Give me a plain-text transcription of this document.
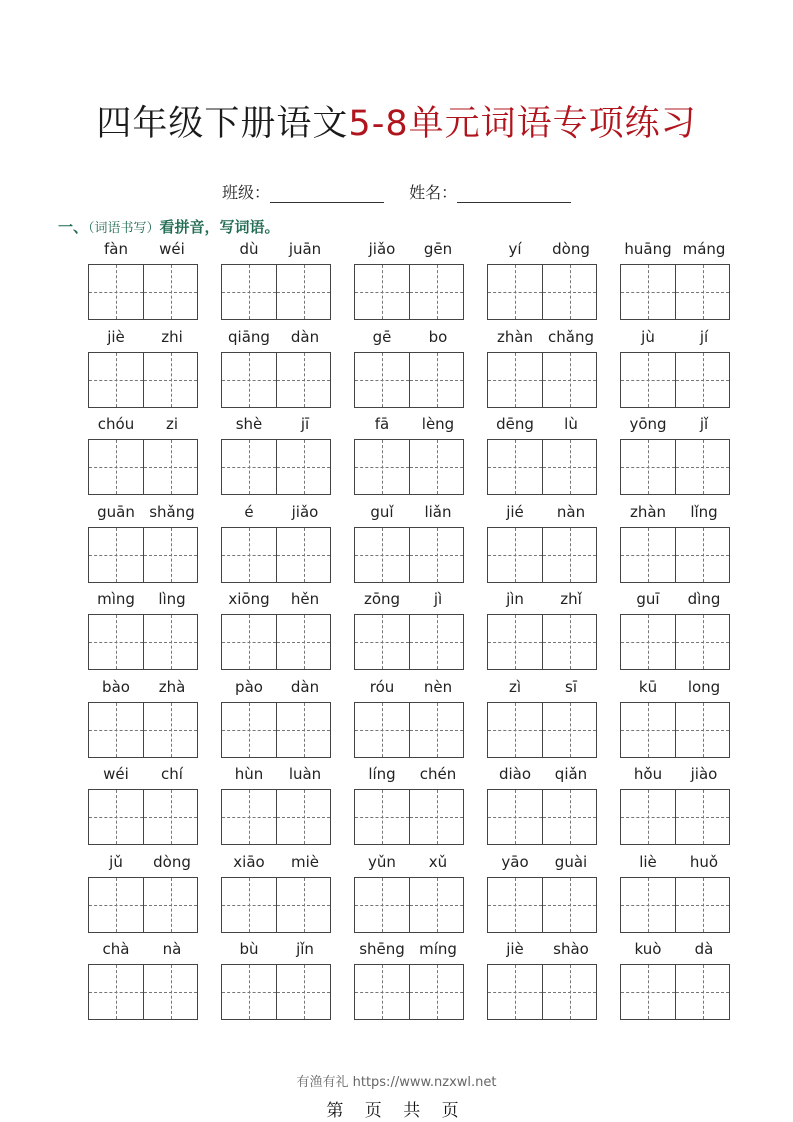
四年级下册语文5-8单元词语专项练习
班级：	姓名：
一、（词语书写）看拼音，写词语。
fàn	wéi	dù	juān	jiǎo	gēn	yí	dòng	huāng máng
jiè	zhi	qiāng	dàn	gē	bo	zhàn chǎng	jù	jí
chóu	zi	shè	jī	fā	lèng	dēng	lù	yōng	jǐ
guān shǎng	é	jiǎo	guǐ	liǎn	jié	nàn	zhàn	lǐng
mìng	lìng	xiōng	hěn	zōng	jì	jìn	zhǐ	guī	dìng
bào	zhà	pào	dàn	róu	nèn	zì	sī	kū	long
wéi	chí	hùn	luàn	líng	chén	diào	qiǎn	hǒu	jiào
jǔ	dòng	xiāo	miè	yǔn	xǔ	yāo	guài	liè	huǒ
chà	nà	bù	jǐn	shēng míng	jiè	shào	kuò	dà
有渔有礼 https://www.nzxwl.net
第 页 共 页
